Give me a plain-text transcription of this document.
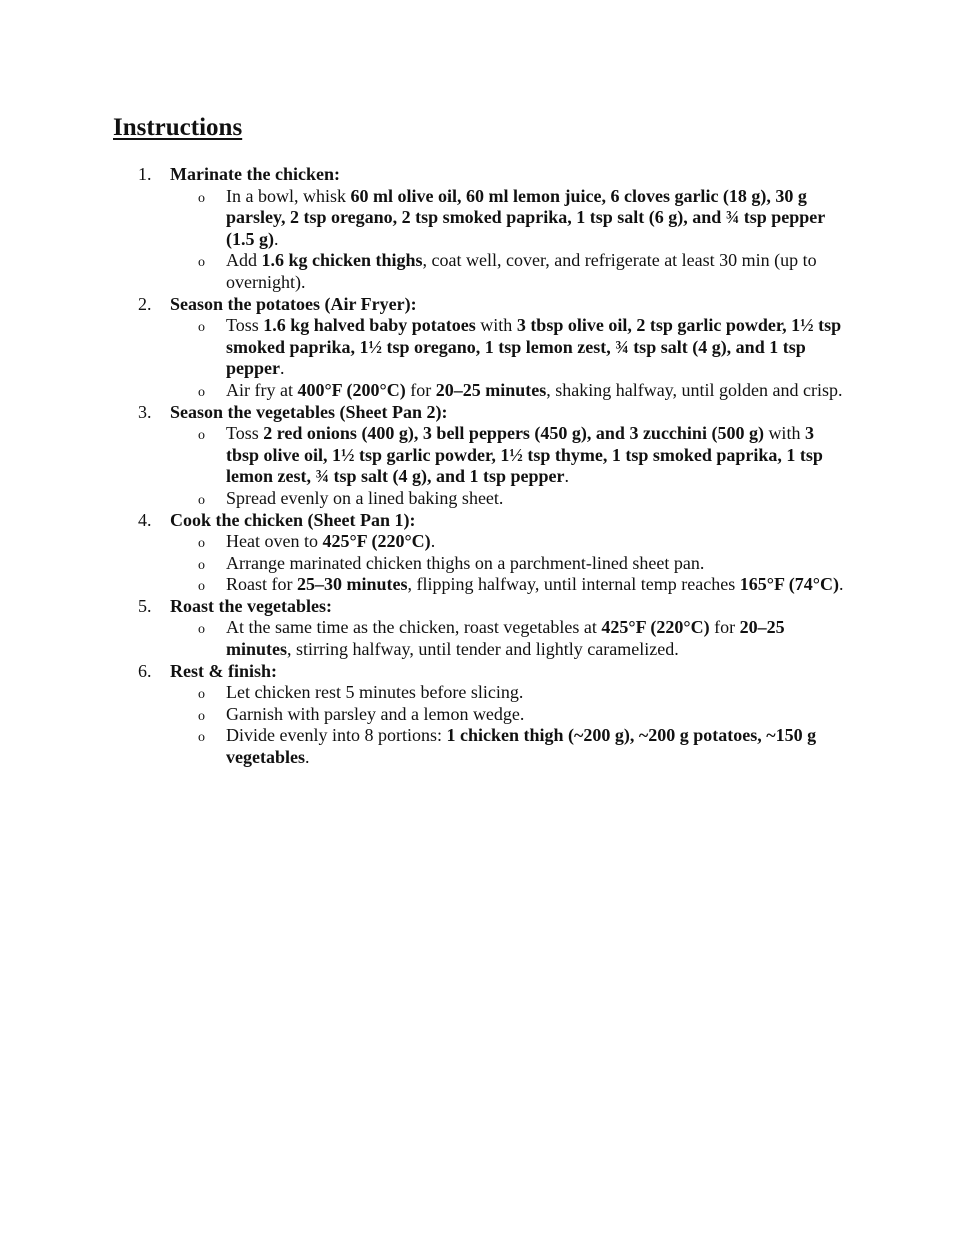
Instructions
1.	Marinate the chicken:
o In a bowl, whisk 60 ml olive oil, 60 ml lemon juice, 6 cloves garlic (18 g), 30 g parsley, 2 tsp oregano, 2 tsp smoked paprika, 1 tsp salt (6 g), and ¾ tsp pepper (1.5 g).
o Add 1.6 kg chicken thighs, coat well, cover, and refrigerate at least 30 min (up to overnight).
2.	Season the potatoes (Air Fryer):
o Toss 1.6 kg halved baby potatoes with 3 tbsp olive oil, 2 tsp garlic powder, 1½ tsp smoked paprika, 1½ tsp oregano, 1 tsp lemon zest, ¾ tsp salt (4 g), and 1 tsp pepper.
o Air fry at 400°F (200°C) for 20–25 minutes, shaking halfway, until golden and crisp.
3.	Season the vegetables (Sheet Pan 2):
o Toss 2 red onions (400 g), 3 bell peppers (450 g), and 3 zucchini (500 g) with 3 tbsp olive oil, 1½ tsp garlic powder, 1½ tsp thyme, 1 tsp smoked paprika, 1 tsp lemon zest, ¾ tsp salt (4 g), and 1 tsp pepper.
o Spread evenly on a lined baking sheet.
4.	Cook the chicken (Sheet Pan 1):
o Heat oven to 425°F (220°C).
o Arrange marinated chicken thighs on a parchment-lined sheet pan.
o Roast for 25–30 minutes, flipping halfway, until internal temp reaches 165°F (74°C).
5.	Roast the vegetables:
o At the same time as the chicken, roast vegetables at 425°F (220°C) for 20–25 minutes, stirring halfway, until tender and lightly caramelized.
6.	Rest & finish:
o Let chicken rest 5 minutes before slicing.
o Garnish with parsley and a lemon wedge.
o Divide evenly into 8 portions: 1 chicken thigh (~200 g), ~200 g potatoes, ~150 g vegetables.
